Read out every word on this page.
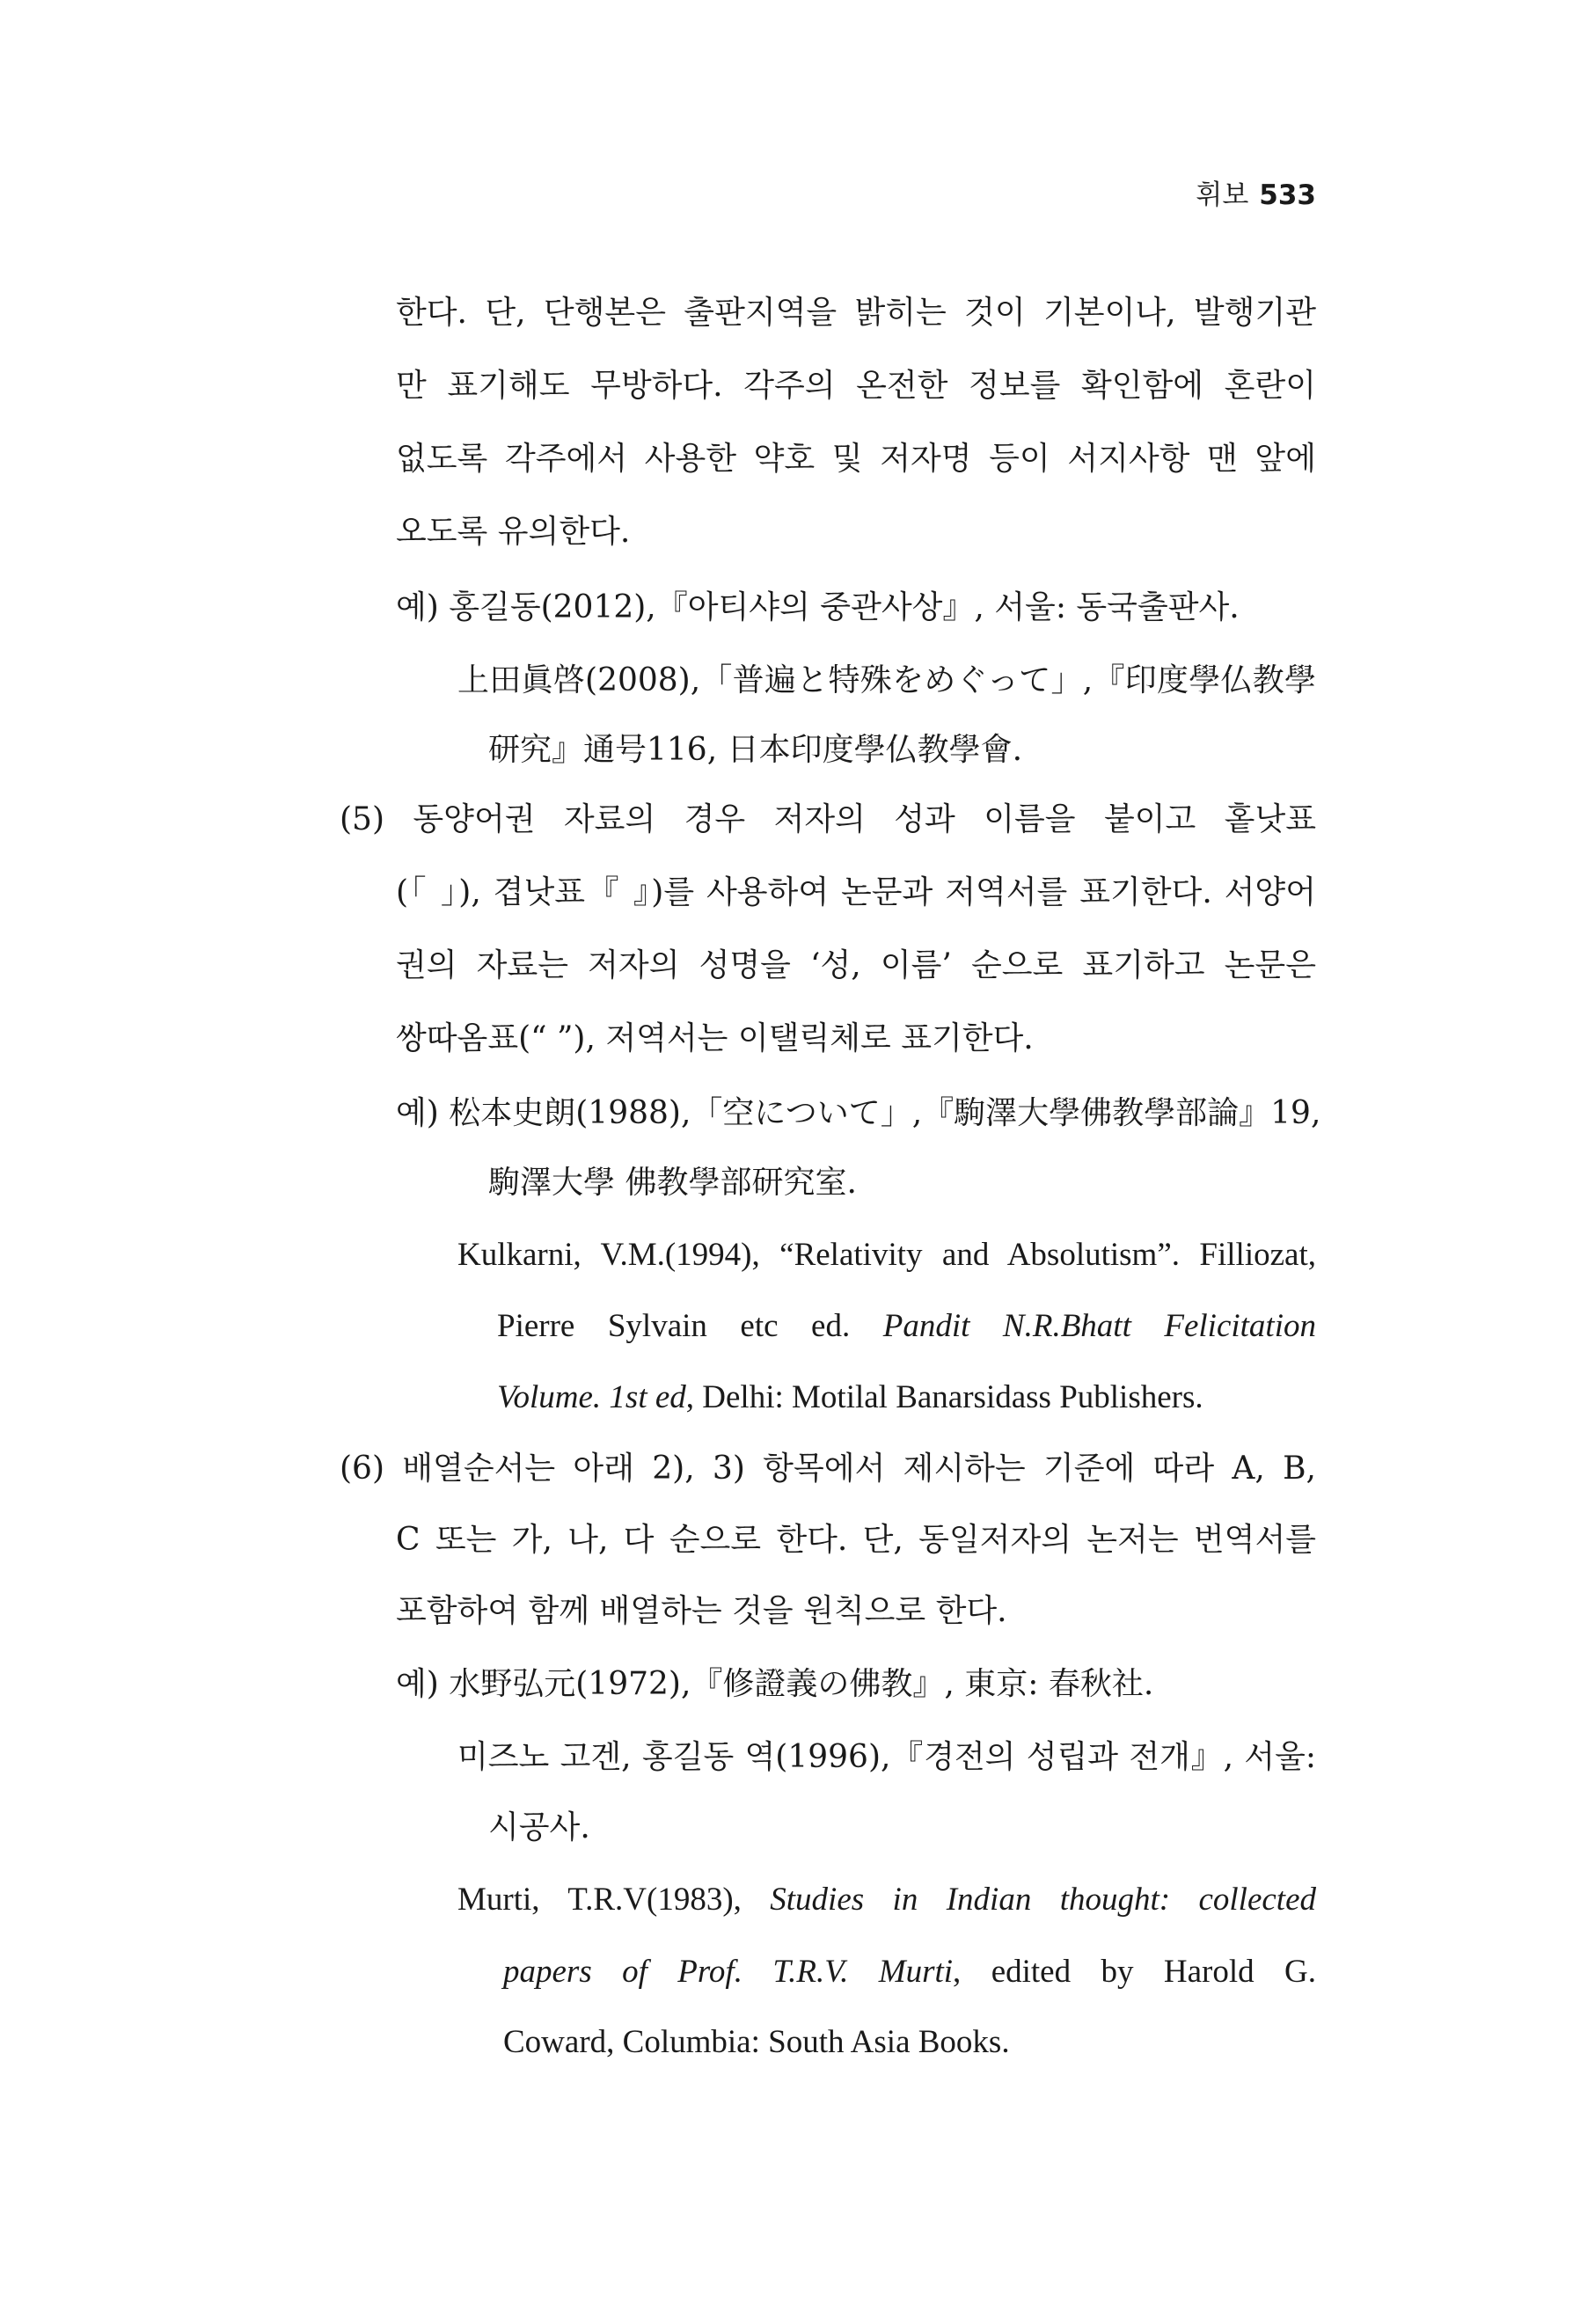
휘보 533
한다. 단, 단행본은 출판지역을 밝히는 것이 기본이나, 발행기관
만 표기해도 무방하다. 각주의 온전한 정보를 확인함에 혼란이
없도록 각주에서 사용한 약호 및 저자명 등이 서지사항 맨 앞에
오도록 유의한다.
예) 홍길동(2012),『아티샤의 중관사상』, 서울: 동국출판사.
上田眞啓(2008),「普遍と特殊をめぐって」,『印度學仏教學
研究』通号116, 日本印度學仏教學會.
(5) 동양어권 자료의 경우 저자의 성과 이름을 붙이고 홑낫표
(「 」), 겹낫표『 』)를 사용하여 논문과 저역서를 표기한다. 서양어
권의 자료는 저자의 성명을 ‘성, 이름’ 순으로 표기하고 논문은
쌍따옴표(“ ”), 저역서는 이탤릭체로 표기한다.
예) 松本史朗(1988),「空について」,『駒澤大學佛教學部論』19,
駒澤大學 佛教學部研究室.
Kulkarni, V.M.(1994), “Relativity and Absolutism”. Filliozat,
Pierre Sylvain etc ed. Pandit N.R.Bhatt Felicitation
Volume. 1st ed, Delhi: Motilal Banarsidass Publishers.
(6) 배열순서는 아래 2), 3) 항목에서 제시하는 기준에 따라 A, B,
C 또는 가, 나, 다 순으로 한다. 단, 동일저자의 논저는 번역서를
포함하여 함께 배열하는 것을 원칙으로 한다.
예) 水野弘元(1972),『修證義の佛教』, 東京: 春秋社.
미즈노 고겐, 홍길동 역(1996),『경전의 성립과 전개』, 서울:
시공사.
Murti, T.R.V(1983), Studies in Indian thought: collected
papers of Prof. T.R.V. Murti, edited by Harold G.
Coward, Columbia: South Asia Books.
